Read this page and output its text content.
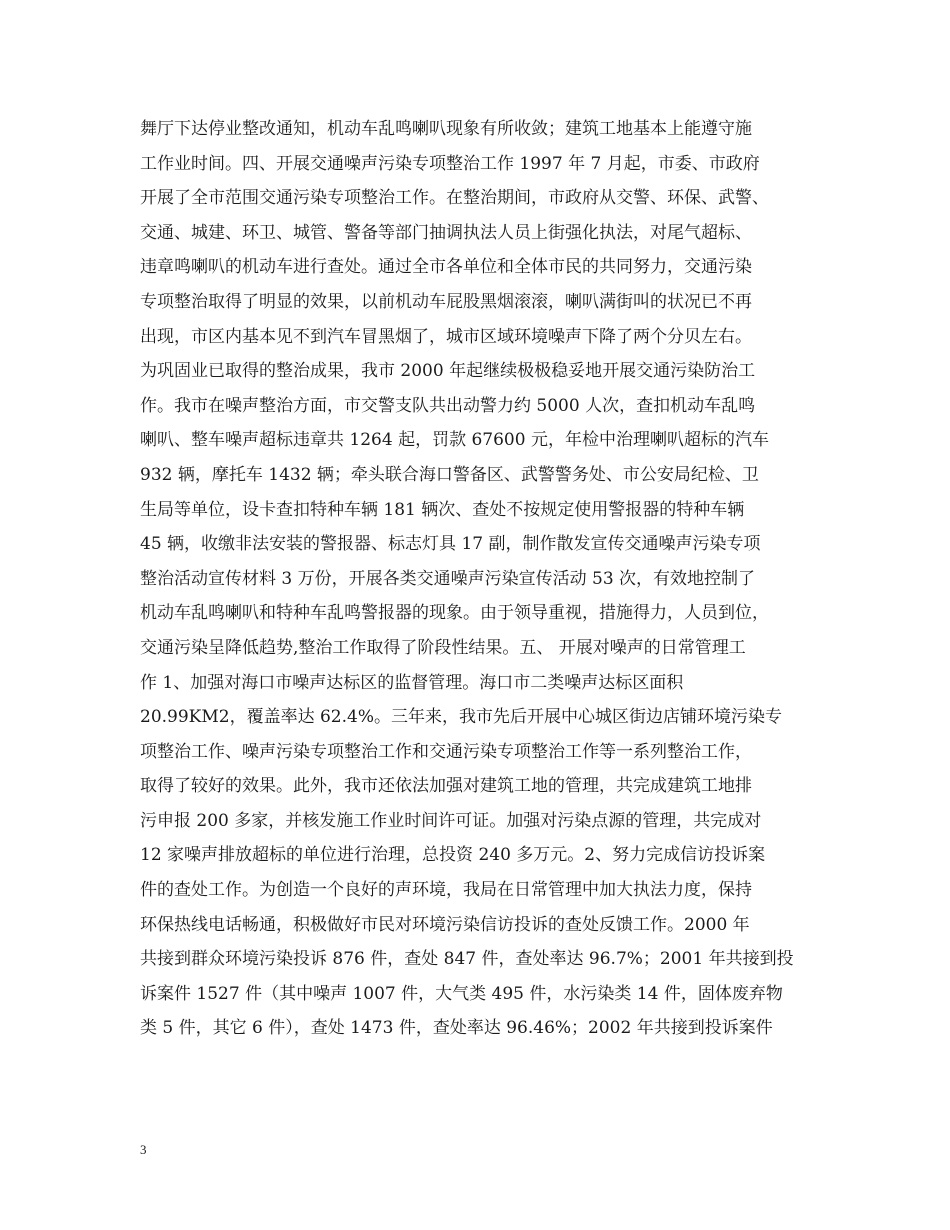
舞厅下达停业整改通知，机动车乱鸣喇叭现象有所收敛；建筑工地基本上能遵守施
工作业时间。四、开展交通噪声污染专项整治工作 1997 年 7 月起，市委、市政府
开展了全市范围交通污染专项整治工作。在整治期间，市政府从交警、环保、武警、
交通、城建、环卫、城管、警备等部门抽调执法人员上街强化执法，对尾气超标、
违章鸣喇叭的机动车进行查处。通过全市各单位和全体市民的共同努力，交通污染
专项整治取得了明显的效果，以前机动车屁股黑烟滚滚，喇叭满街叫的状况已不再
出现，市区内基本见不到汽车冒黑烟了，城市区域环境噪声下降了两个分贝左右。
为巩固业已取得的整治成果，我市 2000 年起继续极极稳妥地开展交通污染防治工
作。我市在噪声整治方面，市交警支队共出动警力约 5000 人次，查扣机动车乱鸣
喇叭、整车噪声超标违章共 1264 起，罚款 67600 元，年检中治理喇叭超标的汽车
932 辆，摩托车 1432 辆；牵头联合海口警备区、武警警务处、市公安局纪检、卫
生局等单位，设卡查扣特种车辆 181 辆次、查处不按规定使用警报器的特种车辆
45 辆，收缴非法安装的警报器、标志灯具 17 副，制作散发宣传交通噪声污染专项
整治活动宣传材料 3 万份，开展各类交通噪声污染宣传活动 53 次，有效地控制了
机动车乱鸣喇叭和特种车乱鸣警报器的现象。由于领导重视，措施得力，人员到位，
交通污染呈降低趋势,整治工作取得了阶段性结果。五、 开展对噪声的日常管理工
作 1、加强对海口市噪声达标区的监督管理。海口市二类噪声达标区面积
20.99KM2，覆盖率达 62.4%。三年来，我市先后开展中心城区街边店铺环境污染专
项整治工作、噪声污染专项整治工作和交通污染专项整治工作等一系列整治工作，
取得了较好的效果。此外，我市还依法加强对建筑工地的管理，共完成建筑工地排
污申报 200 多家，并核发施工作业时间许可证。加强对污染点源的管理，共完成对
12 家噪声排放超标的单位进行治理，总投资 240 多万元。2、努力完成信访投诉案
件的查处工作。为创造一个良好的声环境，我局在日常管理中加大执法力度，保持
环保热线电话畅通，积极做好市民对环境污染信访投诉的查处反馈工作。2000 年
共接到群众环境污染投诉 876 件，查处 847 件，查处率达 96.7%；2001 年共接到投
诉案件 1527 件（其中噪声 1007 件，大气类 495 件，水污染类 14 件，固体废弃物
类 5 件，其它 6 件），查处 1473 件，查处率达 96.46%；2002 年共接到投诉案件
3
